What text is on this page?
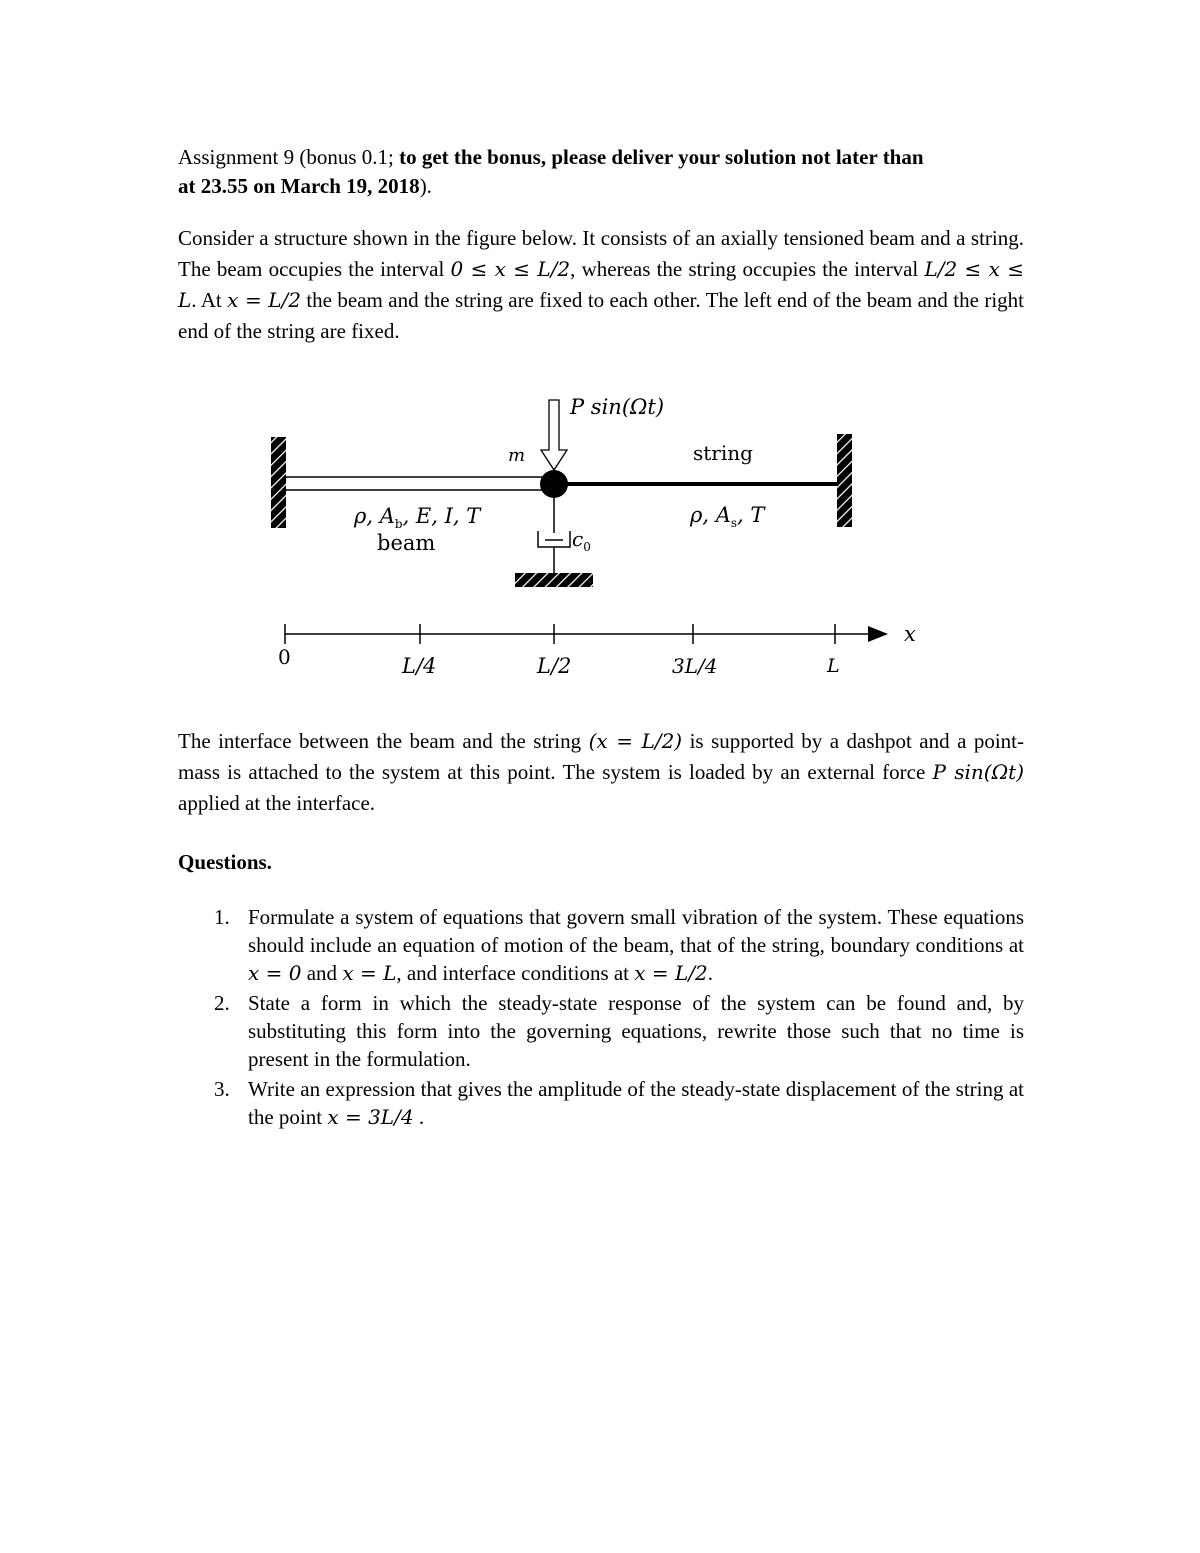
Assignment 9 (bonus 0.1; to get the bonus, please deliver your solution not later than
at 23.55 on March 19, 2018).
Consider a structure shown in the figure below. It consists of an axially tensioned beam and a string. The beam occupies the interval 0 ≤ x ≤ L/2, whereas the string occupies the interval L/2 ≤ x ≤ L. At x = L/2 the beam and the string are fixed to each other. The left end of the beam and the right end of the string are fixed.
P sin(Ωt)
m	string
$c_0$
ρ, $A_b$, E, I, T
beam
ρ, $A_s$, T
x
0	L/4	L/2	3L/4	L
The interface between the beam and the string (x = L/2) is supported by a dashpot and a point-mass is attached to the system at this point. The system is loaded by an external force P sin(Ωt) applied at the interface.
Questions.
1. Formulate a system of equations that govern small vibration of the system. These equations should include an equation of motion of the beam, that of the string, boundary conditions at x = 0 and x = L, and interface conditions at x = L/2.
2. State a form in which the steady-state response of the system can be found and, by substituting this form into the governing equations, rewrite those such that no time is present in the formulation.
3. Write an expression that gives the amplitude of the steady-state displacement of the string at the point x = 3L/4 .
